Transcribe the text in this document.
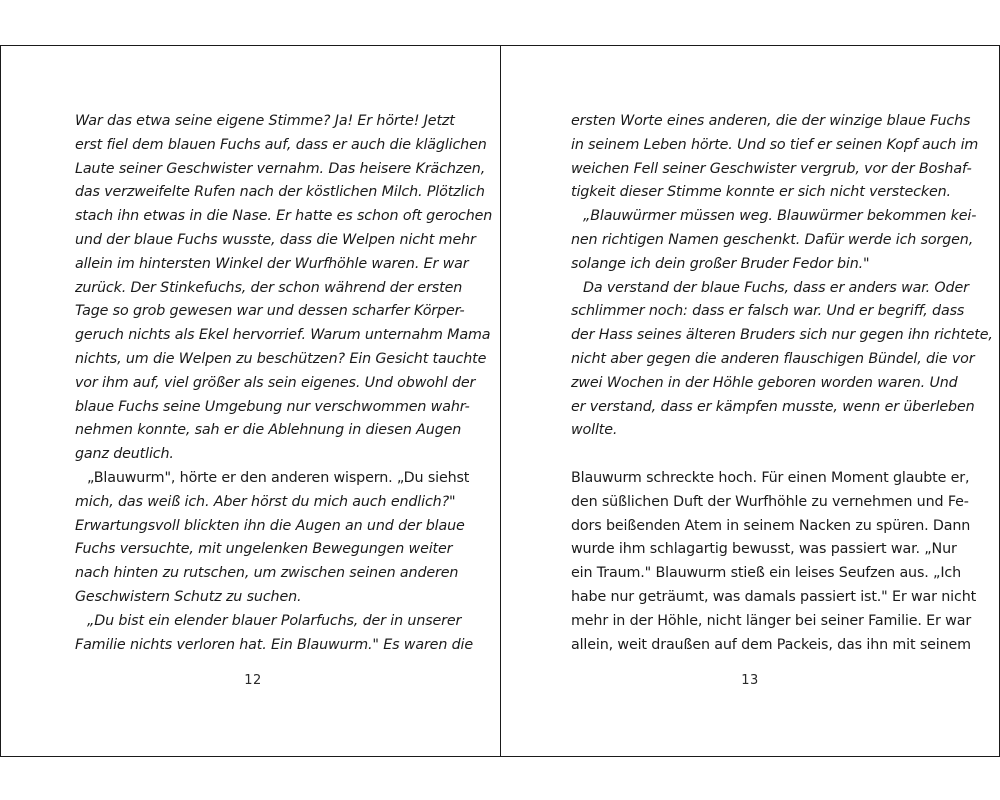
War das etwa seine eigene Stimme? Ja! Er hörte! Jetzt
erst fiel dem blauen Fuchs auf, dass er auch die kläglichen
Laute seiner Geschwister vernahm. Das heisere Krächzen,
das verzweifelte Rufen nach der köstlichen Milch. Plötzlich
stach ihn etwas in die Nase. Er hatte es schon oft gerochen
und der blaue Fuchs wusste, dass die Welpen nicht mehr
allein im hintersten Winkel der Wurfhöhle waren. Er war
zurück. Der Stinkefuchs, der schon während der ersten
Tage so grob gewesen war und dessen scharfer Körper-
geruch nichts als Ekel hervorrief. Warum unternahm Mama
nichts, um die Welpen zu beschützen? Ein Gesicht tauchte
vor ihm auf, viel größer als sein eigenes. Und obwohl der
blaue Fuchs seine Umgebung nur verschwommen wahr-
nehmen konnte, sah er die Ablehnung in diesen Augen
ganz deutlich.
„Blauwurm", hörte er den anderen wispern. „Du siehst
mich, das weiß ich. Aber hörst du mich auch endlich?"
Erwartungsvoll blickten ihn die Augen an und der blaue
Fuchs versuchte, mit ungelenken Bewegungen weiter
nach hinten zu rutschen, um zwischen seinen anderen
Geschwistern Schutz zu suchen.
„Du bist ein elender blauer Polarfuchs, der in unserer
Familie nichts verloren hat. Ein Blauwurm." Es waren die
12
ersten Worte eines anderen, die der winzige blaue Fuchs
in seinem Leben hörte. Und so tief er seinen Kopf auch im
weichen Fell seiner Geschwister vergrub, vor der Boshaf-
tigkeit dieser Stimme konnte er sich nicht verstecken.
„Blauwürmer müssen weg. Blauwürmer bekommen kei-
nen richtigen Namen geschenkt. Dafür werde ich sorgen,
solange ich dein großer Bruder Fedor bin."
Da verstand der blaue Fuchs, dass er anders war. Oder
schlimmer noch: dass er falsch war. Und er begriff, dass
der Hass seines älteren Bruders sich nur gegen ihn richtete,
nicht aber gegen die anderen flauschigen Bündel, die vor
zwei Wochen in der Höhle geboren worden waren. Und
er verstand, dass er kämpfen musste, wenn er überleben
wollte.
Blauwurm schreckte hoch. Für einen Moment glaubte er,
den süßlichen Duft der Wurfhöhle zu vernehmen und Fe-
dors beißenden Atem in seinem Nacken zu spüren. Dann
wurde ihm schlagartig bewusst, was passiert war. „Nur
ein Traum." Blauwurm stieß ein leises Seufzen aus. „Ich
habe nur geträumt, was damals passiert ist." Er war nicht
mehr in der Höhle, nicht länger bei seiner Familie. Er war
allein, weit draußen auf dem Packeis, das ihn mit seinem
13
